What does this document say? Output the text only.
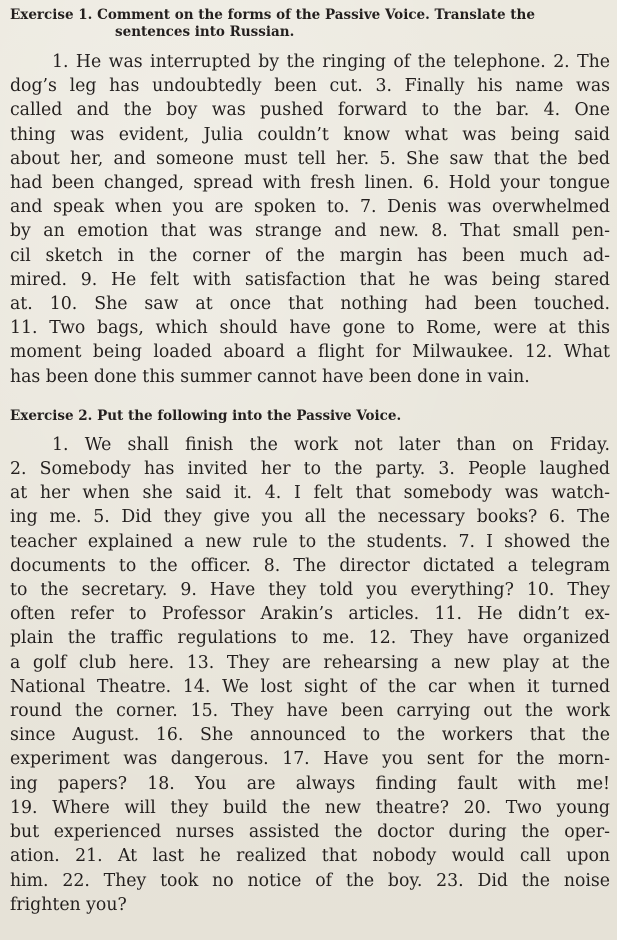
Exercise 1. Comment on the forms of the Passive Voice. Translate the
sentences into Russian.
1. He was interrupted by the ringing of the telephone. 2. The
dog’s leg has undoubtedly been cut. 3. Finally his name was
called and the boy was pushed forward to the bar. 4. One
thing was evident, Julia couldn’t know what was being said
about her, and someone must tell her. 5. She saw that the bed
had been changed, spread with fresh linen. 6. Hold your tongue
and speak when you are spoken to. 7. Denis was overwhelmed
by an emotion that was strange and new. 8. That small pen-
cil sketch in the corner of the margin has been much ad-
mired. 9. He felt with satisfaction that he was being stared
at. 10. She saw at once that nothing had been touched.
11. Two bags, which should have gone to Rome, were at this
moment being loaded aboard a flight for Milwaukee. 12. What
has been done this summer cannot have been done in vain.
Exercise 2. Put the following into the Passive Voice.
1. We shall finish the work not later than on Friday.
2. Somebody has invited her to the party. 3. People laughed
at her when she said it. 4. I felt that somebody was watch-
ing me. 5. Did they give you all the necessary books? 6. The
teacher explained a new rule to the students. 7. I showed the
documents to the officer. 8. The director dictated a telegram
to the secretary. 9. Have they told you everything? 10. They
often refer to Professor Arakin’s articles. 11. He didn’t ex-
plain the traffic regulations to me. 12. They have organized
a golf club here. 13. They are rehearsing a new play at the
National Theatre. 14. We lost sight of the car when it turned
round the corner. 15. They have been carrying out the work
since August. 16. She announced to the workers that the
experiment was dangerous. 17. Have you sent for the morn-
ing papers? 18. You are always finding fault with me!
19. Where will they build the new theatre? 20. Two young
but experienced nurses assisted the doctor during the oper-
ation. 21. At last he realized that nobody would call upon
him. 22. They took no notice of the boy. 23. Did the noise
frighten you?
